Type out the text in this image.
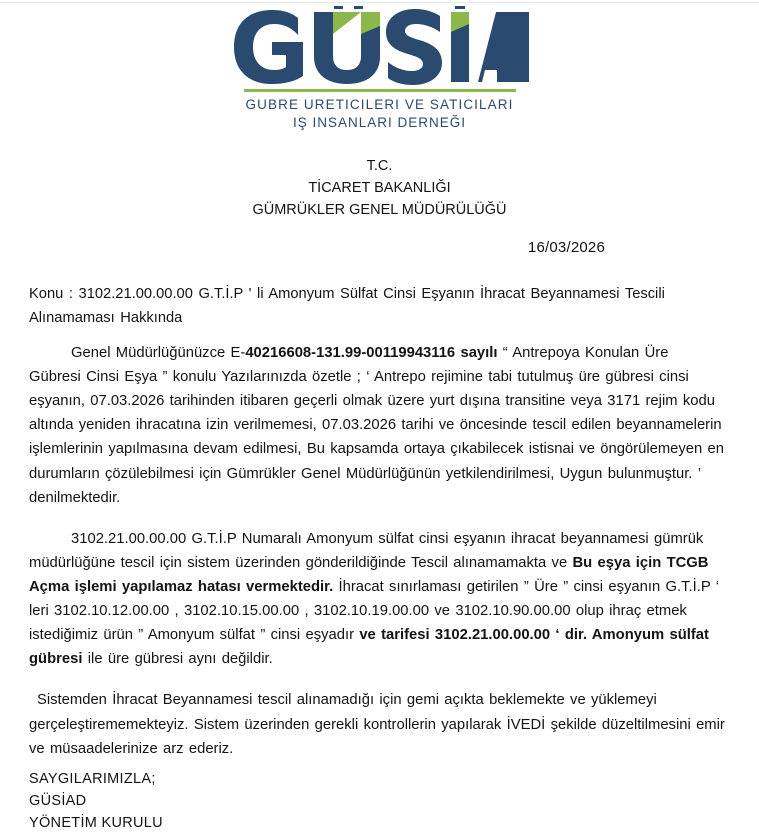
GUBRE URETICILERI VE SATICILARI
IŞ INSANLARI DERNEĞI
T.C.
TİCARET BAKANLIĞI
GÜMRÜKLER GENEL MÜDÜRÜLÜĞÜ
16/03/2026
Konu : 3102.21.00.00.00 G.T.İ.P ' li Amonyum Sülfat Cinsi Eşyanın İhracat Beyannamesi Tescili Alınamaması Hakkında

Genel Müdürlüğünüzce E-40216608-131.99-00119943116 sayılı “ Antrepoya Konulan Üre Gübresi Cinsi Eşya ” konulu Yazılarınızda özetle ; ‘ Antrepo rejimine tabi tutulmuş üre gübresi cinsi eşyanın, 07.03.2026 tarihinden itibaren geçerli olmak üzere yurt dışına transitine veya 3171 rejim kodu altında yeniden ihracatına izin verilmemesi, 07.03.2026 tarihi ve öncesinde tescil edilen beyannamelerin işlemlerinin yapılmasına devam edilmesi, Bu kapsamda ortaya çıkabilecek istisnai ve öngörülemeyen en durumların çözülebilmesi için Gümrükler Genel Müdürlüğünün yetkilendirilmesi, Uygun bulunmuştur. ’ denilmektedir.

3102.21.00.00.00 G.T.İ.P Numaralı Amonyum sülfat cinsi eşyanın ihracat beyannamesi gümrük müdürlüğüne tescil için sistem üzerinden gönderildiğinde Tescil alınamamakta ve Bu eşya için TCGB Açma işlemi yapılamaz hatası vermektedir. İhracat sınırlaması getirilen ” Üre ” cinsi eşyanın G.T.İ.P ‘ leri 3102.10.12.00.00 , 3102.10.15.00.00 , 3102.10.19.00.00 ve 3102.10.90.00.00 olup ihraç etmek istediğimiz ürün ” Amonyum sülfat ” cinsi eşyadır ve tarifesi 3102.21.00.00.00 ‘ dir. Amonyum sülfat gübresi ile üre gübresi aynı değildir.

Sistemden İhracat Beyannamesi tescil alınamadığı için gemi açıkta beklemekte ve yüklemeyi gerçeleştirememekteyiz. Sistem üzerinden gerekli kontrollerin yapılarak İVEDİ şekilde düzeltilmesini emir ve müsaadelerinize arz ederiz.

SAYGILARIMIZLA;
GÜSİAD
YÖNETİM KURULU
